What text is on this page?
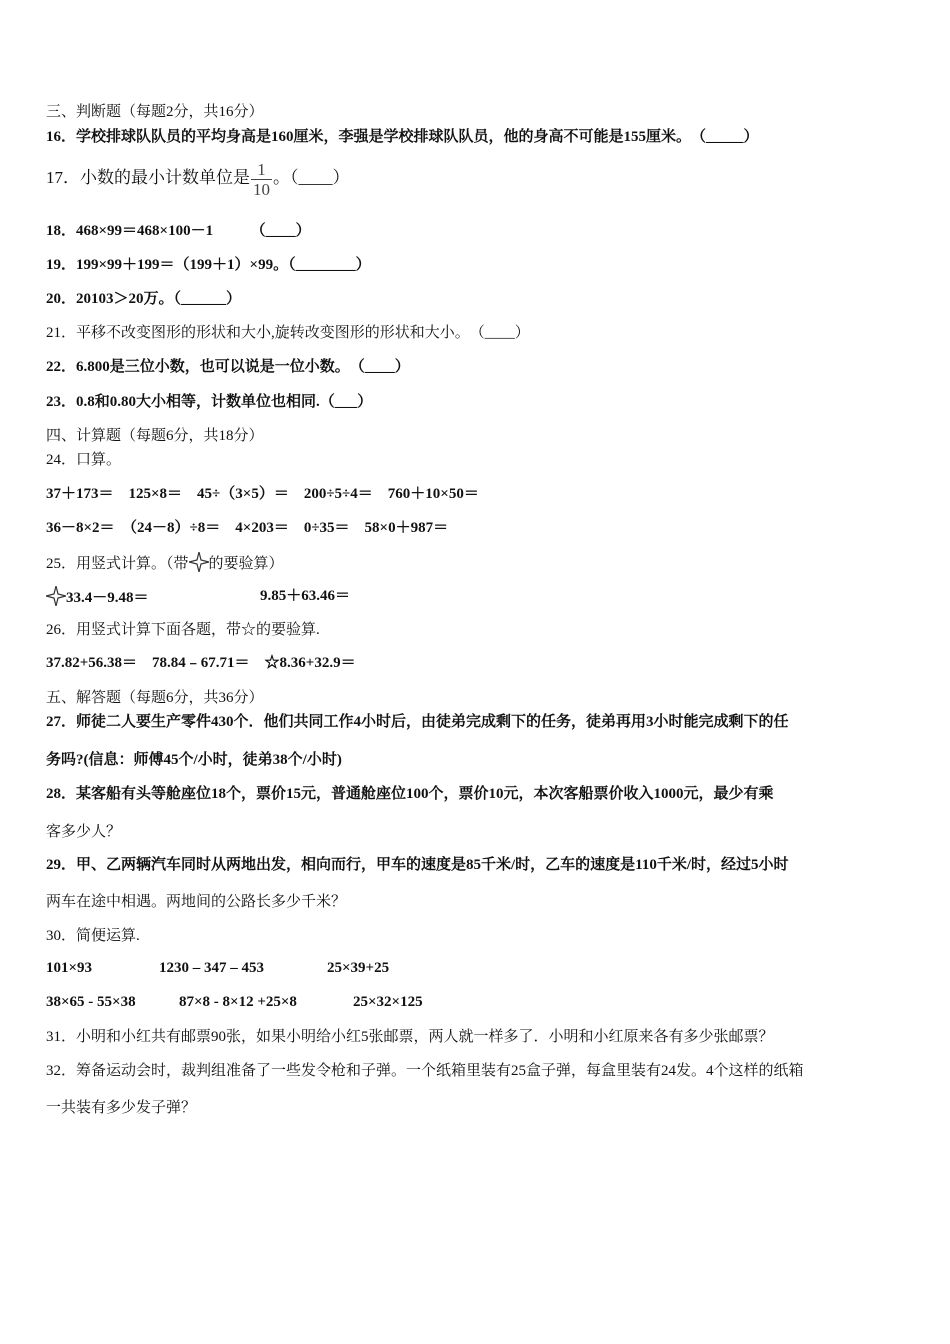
三、判断题（每题2分，共16分）
16．学校排球队队员的平均身高是160厘米，李强是学校排球队队员，他的身高不可能是155厘米。　（_____）
17．小数的最小计数单位是 $\frac{1}{10}$ 。（____）
18．468×99＝468×100－1　　　（____）
19．199×99＋199＝（199＋1）×99。（________）
20．20103＞20万。（______）
21．平移不改变图形的形状和大小,旋转改变图形的形状和大小。　（____）
22．6.800是三位小数，也可以说是一位小数。　（____）
23．0.8和0.80大小相等，计数单位也相同.（___）
四、计算题（每题6分，共18分）
24．口算。
37＋173＝　125×8＝　45÷（3×5）＝　200÷5÷4＝　760＋10×50＝
36－8×2＝　（24－8）÷8＝　4×203＝　0÷35＝　58×0＋987＝
25．用竖式计算。（带 的要验算）
33.4－9.48＝	9.85＋63.46＝
26．用竖式计算下面各题，带☆的要验算.
37.82+56.38＝　78.84﹣67.71＝　☆8.36+32.9＝
五、解答题（每题6分，共36分）
27．师徒二人要生产零件430个．他们共同工作4小时后，由徒弟完成剩下的任务，徒弟再用3小时能完成剩下的任
务吗?(信息：师傅45个/小时，徒弟38个/小时)
28．某客船有头等舱座位18个，票价15元，普通舱座位100个，票价10元，本次客船票价收入1000元，最少有乘
客多少人？
29．甲、乙两辆汽车同时从两地出发，相向而行，甲车的速度是85千米/时，乙车的速度是110千米/时，经过5小时
两车在途中相遇。两地间的公路长多少千米？
30．简便运算.
101×93	1230 – 347 – 453	25×39+25
38×65 - 55×38	87×8 - 8×12 +25×8	25×32×125
31．小明和小红共有邮票90张，如果小明给小红5张邮票，两人就一样多了．小明和小红原来各有多少张邮票？
32．筹备运动会时，裁判组准备了一些发令枪和子弹。一个纸箱里装有25盒子弹，每盒里装有24发。4个这样的纸箱
一共装有多少发子弹？
